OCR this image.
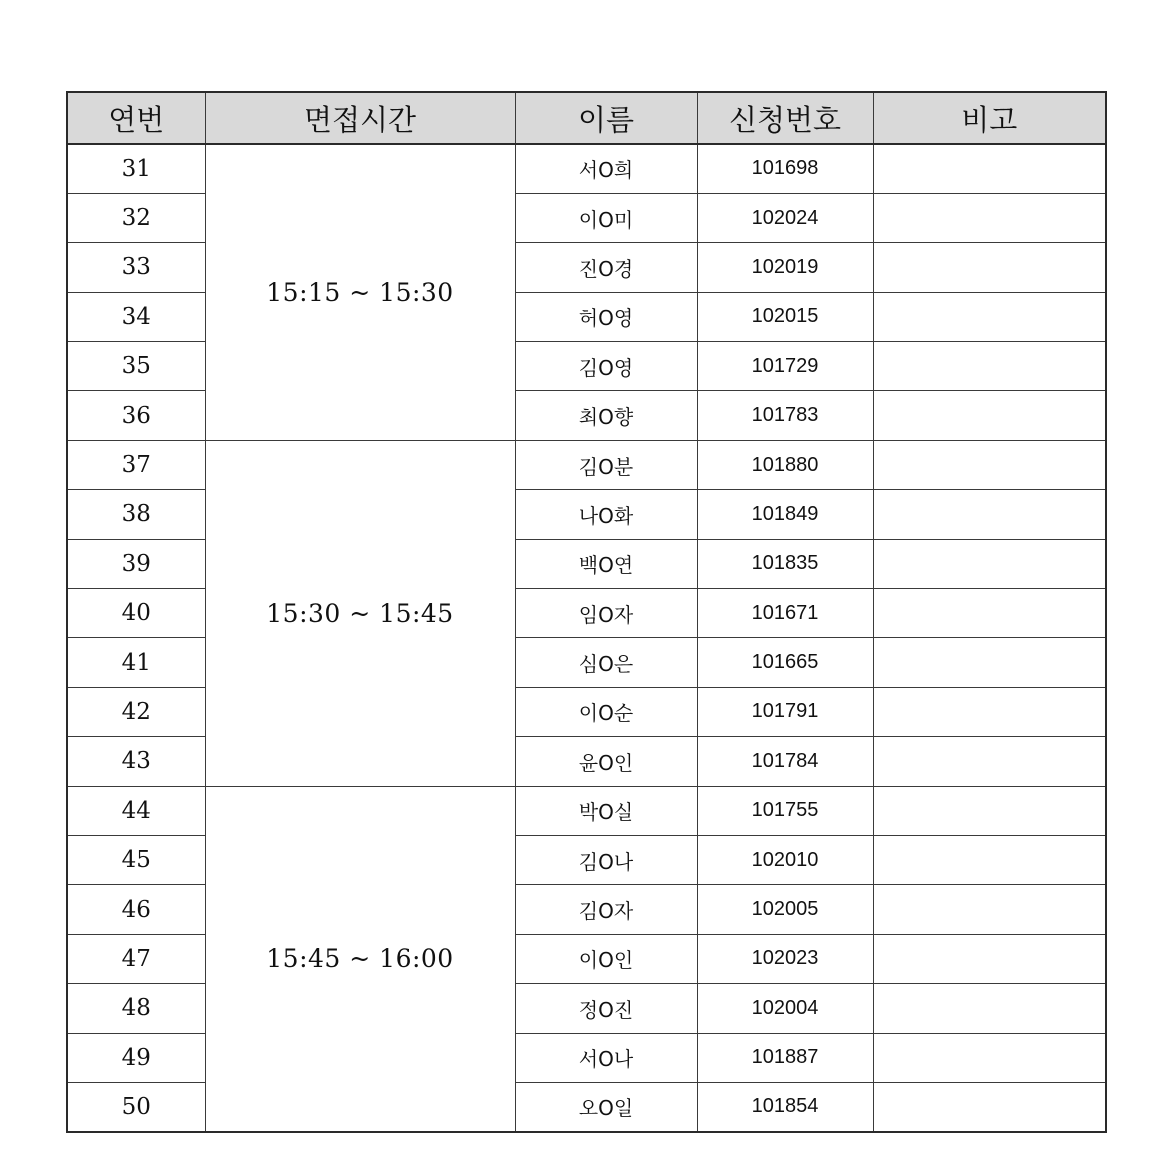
연번	면접시간	이름	신청번호	비고
31	15:15 ~ 15:30	서O희	101698	
32		이O미	102024	
33		진O경	102019	
34		허O영	102015	
35		김O영	101729	
36		최O향	101783	
37	15:30 ~ 15:45	김O분	101880	
38		나O화	101849	
39		백O연	101835	
40		임O자	101671	
41		심O은	101665	
42		이O순	101791	
43		윤O인	101784	
44	15:45 ~ 16:00	박O실	101755	
45		김O나	102010	
46		김O자	102005	
47		이O인	102023	
48		정O진	102004	
49		서O나	101887	
50		오O일	101854	
